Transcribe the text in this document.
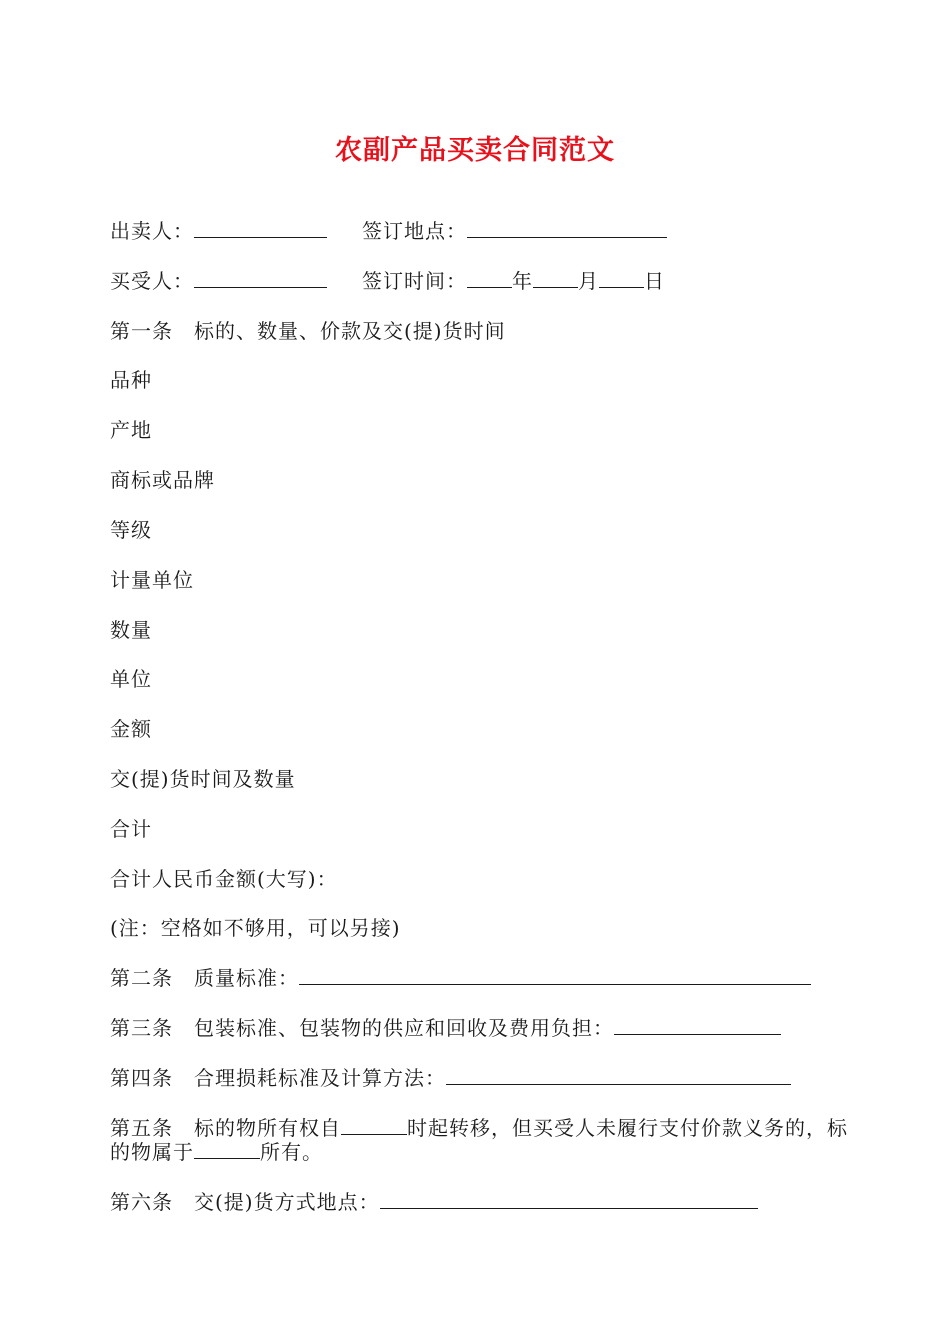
农副产品买卖合同范文
出卖人：	签订地点：
买受人：	签订时间： 年 月 日
第一条　标的、数量、价款及交(提)货时间
品种
产地
商标或品牌
等级
计量单位
数量
单位
金额
交(提)货时间及数量
合计
合计人民币金额(大写)：
(注：空格如不够用，可以另接)
第二条　质量标准：
第三条　包装标准、包装物的供应和回收及费用负担：
第四条　合理损耗标准及计算方法：
第五条　标的物所有权自	时起转移，但买受人未履行支付价款义务的，标的物属于	所有。
第六条　交(提)货方式地点：
